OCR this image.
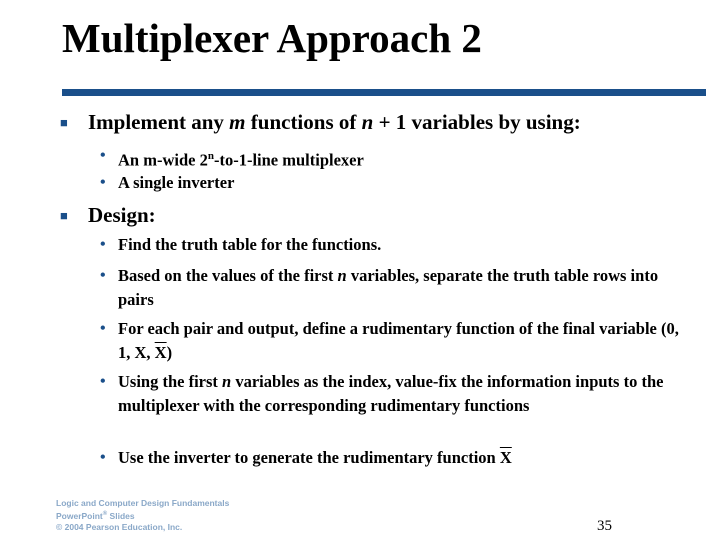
Multiplexer Approach 2
■ Implement any m functions of n + 1 variables by using:
• An m-wide 2$^n$-to-1-line multiplexer
• A single inverter
■ Design:
• Find the truth table for the functions.
• Based on the values of the first n variables, separate the truth table rows into pairs
• For each pair and output, define a rudimentary function of the final variable (0, 1, X, $\overline{X}$)
• Using the first n variables as the index, value-fix the information inputs to the multiplexer with the corresponding rudimentary functions
• Use the inverter to generate the rudimentary function $\overline{X}$
Logic and Computer Design Fundamentals
PowerPoint® Slides
© 2004 Pearson Education, Inc.	35
